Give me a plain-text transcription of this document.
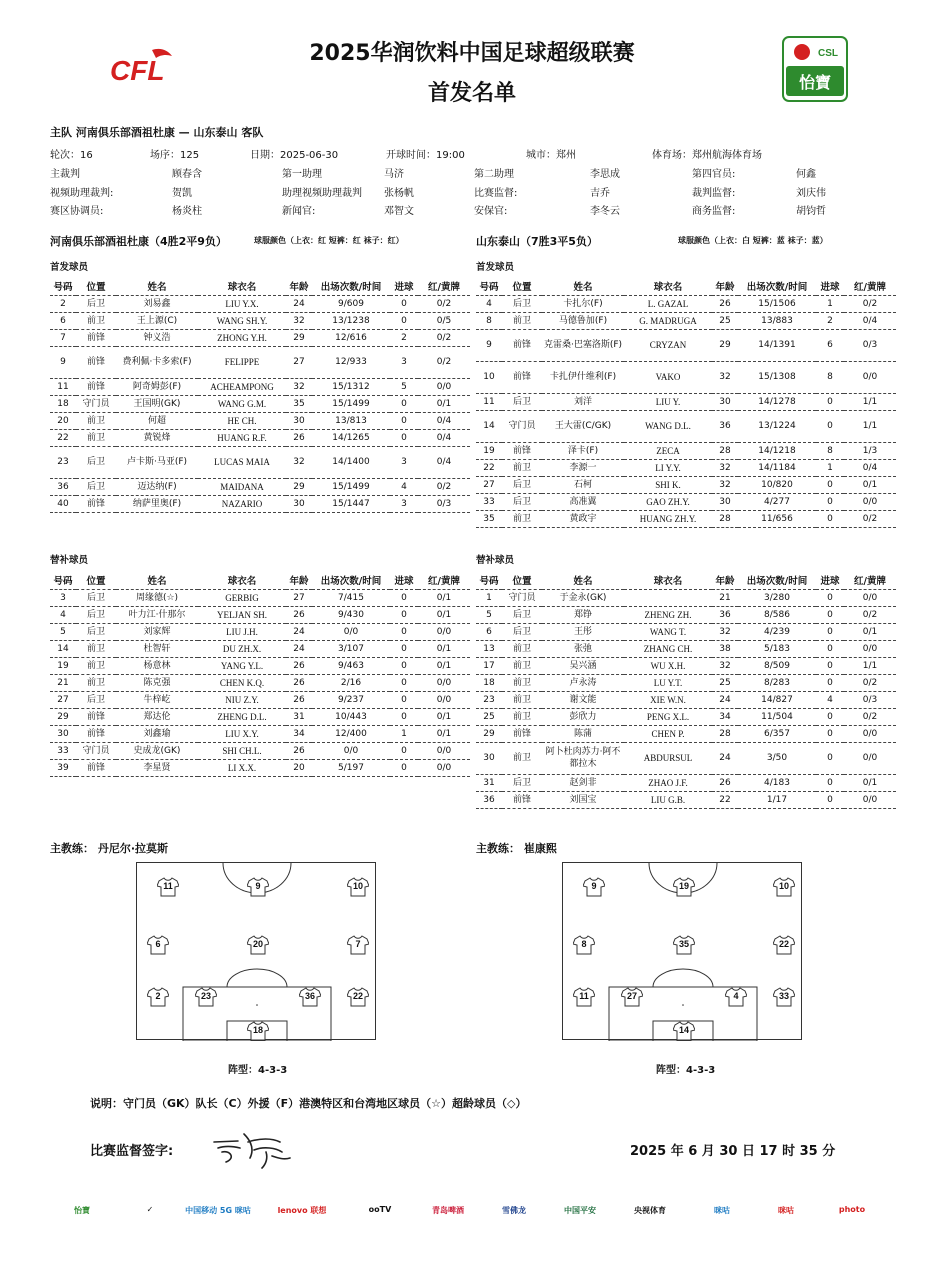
CFL
2025华润饮料中国足球超级联赛
首发名单
CSL
怡寶
主队 河南俱乐部酒祖杜康 — 山东泰山 客队
轮次：16	场序：125	日期：2025-06-30	开球时间：19:00	城市：郑州	体育场：郑州航海体育场
主裁判	顾春含	第一助理	马济	第二助理	李思成	第四官员:	何鑫
视频助理裁判:	贺凯	助理视频助理裁判 张杨帆	比赛监督:	吉乔	裁判监督:	刘庆伟
赛区协调员:	杨炎柱	新闻官:	邓智文	安保官:	李冬云	商务监督:	胡钧哲
河南俱乐部酒祖杜康（4胜2平9负）	球服颜色（上衣：红 短裤：红 袜子：红）	山东泰山（7胜3平5负）	球服颜色（上衣：白 短裤：蓝 袜子：蓝）
首发球员	首发球员
号码	位置	姓名	球衣名	年龄	出场次数/时间	进球	红/黄牌
2	后卫	刘易鑫	LIU Y.X.	24	9/609	0	0/2
6	前卫	王上源(C)	WANG SH.Y.	32	13/1238	0	0/5
7	前锋	钟义浩	ZHONG Y.H.	29	12/616	2	0/2
9	前锋	费利佩·卡多索(F)	FELIPPE	27	12/933	3	0/2
11	前锋	阿奇姆彭(F)	ACHEAMPONG	32	15/1312	5	0/0
18	守门员	王国明(GK)	WANG G.M.	35	15/1499	0	0/1
20	前卫	何超	HE CH.	30	13/813	0	0/4
22	前卫	黄锐烽	HUANG R.F.	26	14/1265	0	0/4
23	后卫	卢卡斯·马亚(F)	LUCAS MAIA	32	14/1400	3	0/4
36	后卫	迈达纳(F)	MAIDANA	29	15/1499	4	0/2
40	前锋	纳萨里奥(F)	NAZARIO	30	15/1447	3	0/3
号码	位置	姓名	球衣名	年龄	出场次数/时间	进球	红/黄牌
4	后卫	卡扎尔(F)	L. GAZAL	26	15/1506	1	0/2
8	前卫	马德鲁加(F)	G. MADRUGA	25	13/883	2	0/4
9	前锋	克雷桑·巴塞洛斯(F)	CRYZAN	29	14/1391	6	0/3
10	前锋	卡扎伊什维利(F)	VAKO	32	15/1308	8	0/0
11	后卫	刘洋	LIU Y.	30	14/1278	0	1/1
14	守门员	王大雷(C/GK)	WANG D.L.	36	13/1224	0	1/1
19	前锋	泽卡(F)	ZECA	28	14/1218	8	1/3
22	前卫	李源一	LI Y.Y.	32	14/1184	1	0/4
27	后卫	石柯	SHI K.	32	10/820	0	0/1
33	后卫	高准翼	GAO ZH.Y.	30	4/277	0	0/0
35	前卫	黄政宇	HUANG ZH.Y.	28	11/656	0	0/2
替补球员	替补球员
号码	位置	姓名	球衣名	年龄	出场次数/时间	进球	红/黄牌
3	后卫	周缘德(☆)	GERBIG	27	7/415	0	0/1
4	后卫	叶力江·什那尔	YELJAN SH.	26	9/430	0	0/1
5	后卫	刘家辉	LIU J.H.	24	0/0	0	0/0
14	前卫	杜智轩	DU ZH.X.	24	3/107	0	0/1
19	前卫	杨意林	YANG Y.L.	26	9/463	0	0/1
21	前卫	陈克强	CHEN K.Q.	26	2/16	0	0/0
27	后卫	牛梓屹	NIU Z.Y.	26	9/237	0	0/0
29	前锋	郑达伦	ZHENG D.L.	31	10/443	0	0/1
30	前锋	刘鑫瑜	LIU X.Y.	34	12/400	1	0/1
33	守门员	史成龙(GK)	SHI CH.L.	26	0/0	0	0/0
39	前锋	李星贤	LI X.X.	20	5/197	0	0/0
号码	位置	姓名	球衣名	年龄	出场次数/时间	进球	红/黄牌
1	守门员	于金永(GK)		21	3/280	0	0/0
5	后卫	郑铮	ZHENG ZH.	36	8/586	0	0/2
6	后卫	王彤	WANG T.	32	4/239	0	0/1
13	前卫	张弛	ZHANG CH.	38	5/183	0	0/0
17	前卫	吴兴涵	WU X.H.	32	8/509	0	1/1
18	前卫	卢永涛	LU Y.T.	25	8/283	0	0/2
23	前卫	谢文能	XIE W.N.	24	14/827	4	0/3
25	前卫	彭欣力	PENG X.L.	34	11/504	0	0/2
29	前锋	陈蒲	CHEN P.	28	6/357	0	0/0
30	前卫	阿卜杜肉苏力·阿不都拉木	ABDURSUL	24	3/50	0	0/0
31	后卫	赵剑非	ZHAO J.F.	26	4/183	0	0/1
36	前锋	刘国宝	LIU G.B.	22	1/17	0	0/0
主教练： 丹尼尔·拉莫斯	主教练： 崔康熙
11	9	10
6	20	7
2	23	36	22
18
9	19	10
8	35	22
11	27	4	33
14
阵型：4-3-3	阵型：4-3-3
说明：守门员（GK）队长（C）外援（F）港澳特区和台湾地区球员（☆）超龄球员（◇）
比赛监督签字:	2025 年 6 月 30 日 17 时 35 分
怡寶	✓	中国移动 5G 咪咕	lenovo 联想	ooTV	青岛啤酒	雪佛龙	中国平安	央视体育	咪咕	咪咕	photo
